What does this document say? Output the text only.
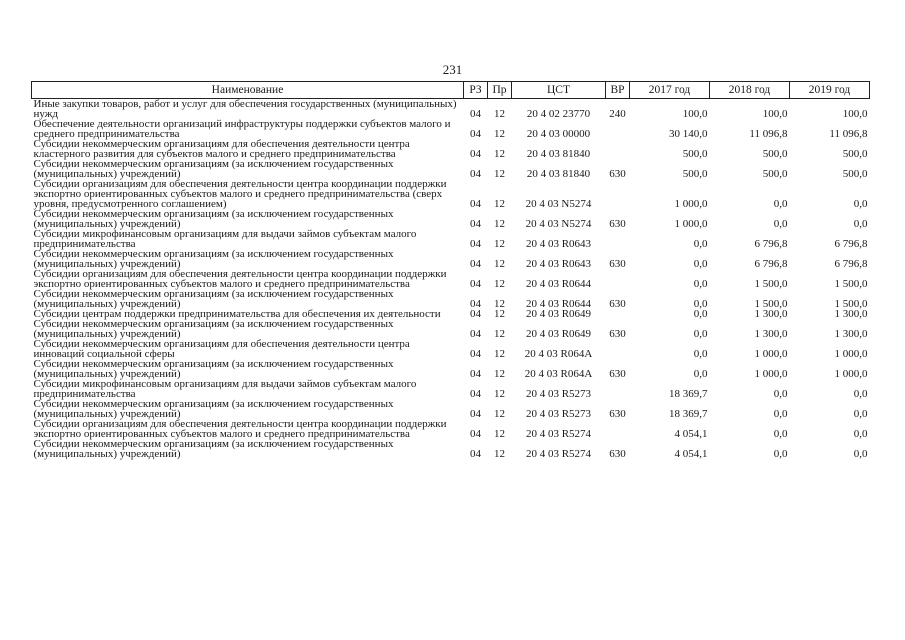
231
Наименование	РЗ	Пр	ЦСТ	ВР	2017 год	2018 год	2019 год
Иные закупки товаров, работ и услуг для обеспечения государственных (муниципальных) нужд	04	12	20 4 02 23770	240	100,0	100,0	100,0
Обеспечение деятельности организаций инфраструктуры поддержки субъектов малого и среднего предпринимательства	04	12	20 4 03 00000		30 140,0	11 096,8	11 096,8
Субсидии некоммерческим организациям для обеспечения деятельности центра кластерного развития для субъектов малого и среднего предпринимательства	04	12	20 4 03 81840		500,0	500,0	500,0
Субсидии некоммерческим организациям (за исключением государственных (муниципальных) учреждений)	04	12	20 4 03 81840	630	500,0	500,0	500,0
Субсидии организациям для обеспечения деятельности центра координации поддержки экспортно ориентированных субъектов малого и среднего предпринимательства (сверх уровня, предусмотренного соглашением)	04	12	20 4 03 N5274		1 000,0	0,0	0,0
Субсидии некоммерческим организациям (за исключением государственных (муниципальных) учреждений)	04	12	20 4 03 N5274	630	1 000,0	0,0	0,0
Субсидии микрофинансовым организациям для выдачи займов субъектам малого предпринимательства	04	12	20 4 03 R0643		0,0	6 796,8	6 796,8
Субсидии некоммерческим организациям (за исключением государственных (муниципальных) учреждений)	04	12	20 4 03 R0643	630	0,0	6 796,8	6 796,8
Субсидии организациям для обеспечения деятельности центра координации поддержки экспортно ориентированных субъектов малого и среднего предпринимательства	04	12	20 4 03 R0644		0,0	1 500,0	1 500,0
Субсидии некоммерческим организациям (за исключением государственных (муниципальных) учреждений)	04	12	20 4 03 R0644	630	0,0	1 500,0	1 500,0
Субсидии центрам поддержки предпринимательства для обеспечения их деятельности	04	12	20 4 03 R0649		0,0	1 300,0	1 300,0
Субсидии некоммерческим организациям (за исключением государственных (муниципальных) учреждений)	04	12	20 4 03 R0649	630	0,0	1 300,0	1 300,0
Субсидии некоммерческим организациям для обеспечения деятельности центра инноваций социальной сферы	04	12	20 4 03 R064A		0,0	1 000,0	1 000,0
Субсидии некоммерческим организациям (за исключением государственных (муниципальных) учреждений)	04	12	20 4 03 R064A	630	0,0	1 000,0	1 000,0
Субсидии микрофинансовым организациям для выдачи займов субъектам малого предпринимательства	04	12	20 4 03 R5273		18 369,7	0,0	0,0
Субсидии некоммерческим организациям (за исключением государственных (муниципальных) учреждений)	04	12	20 4 03 R5273	630	18 369,7	0,0	0,0
Субсидии организациям для обеспечения деятельности центра координации поддержки экспортно ориентированных субъектов малого и среднего предпринимательства	04	12	20 4 03 R5274		4 054,1	0,0	0,0
Субсидии некоммерческим организациям (за исключением государственных (муниципальных) учреждений)	04	12	20 4 03 R5274	630	4 054,1	0,0	0,0
